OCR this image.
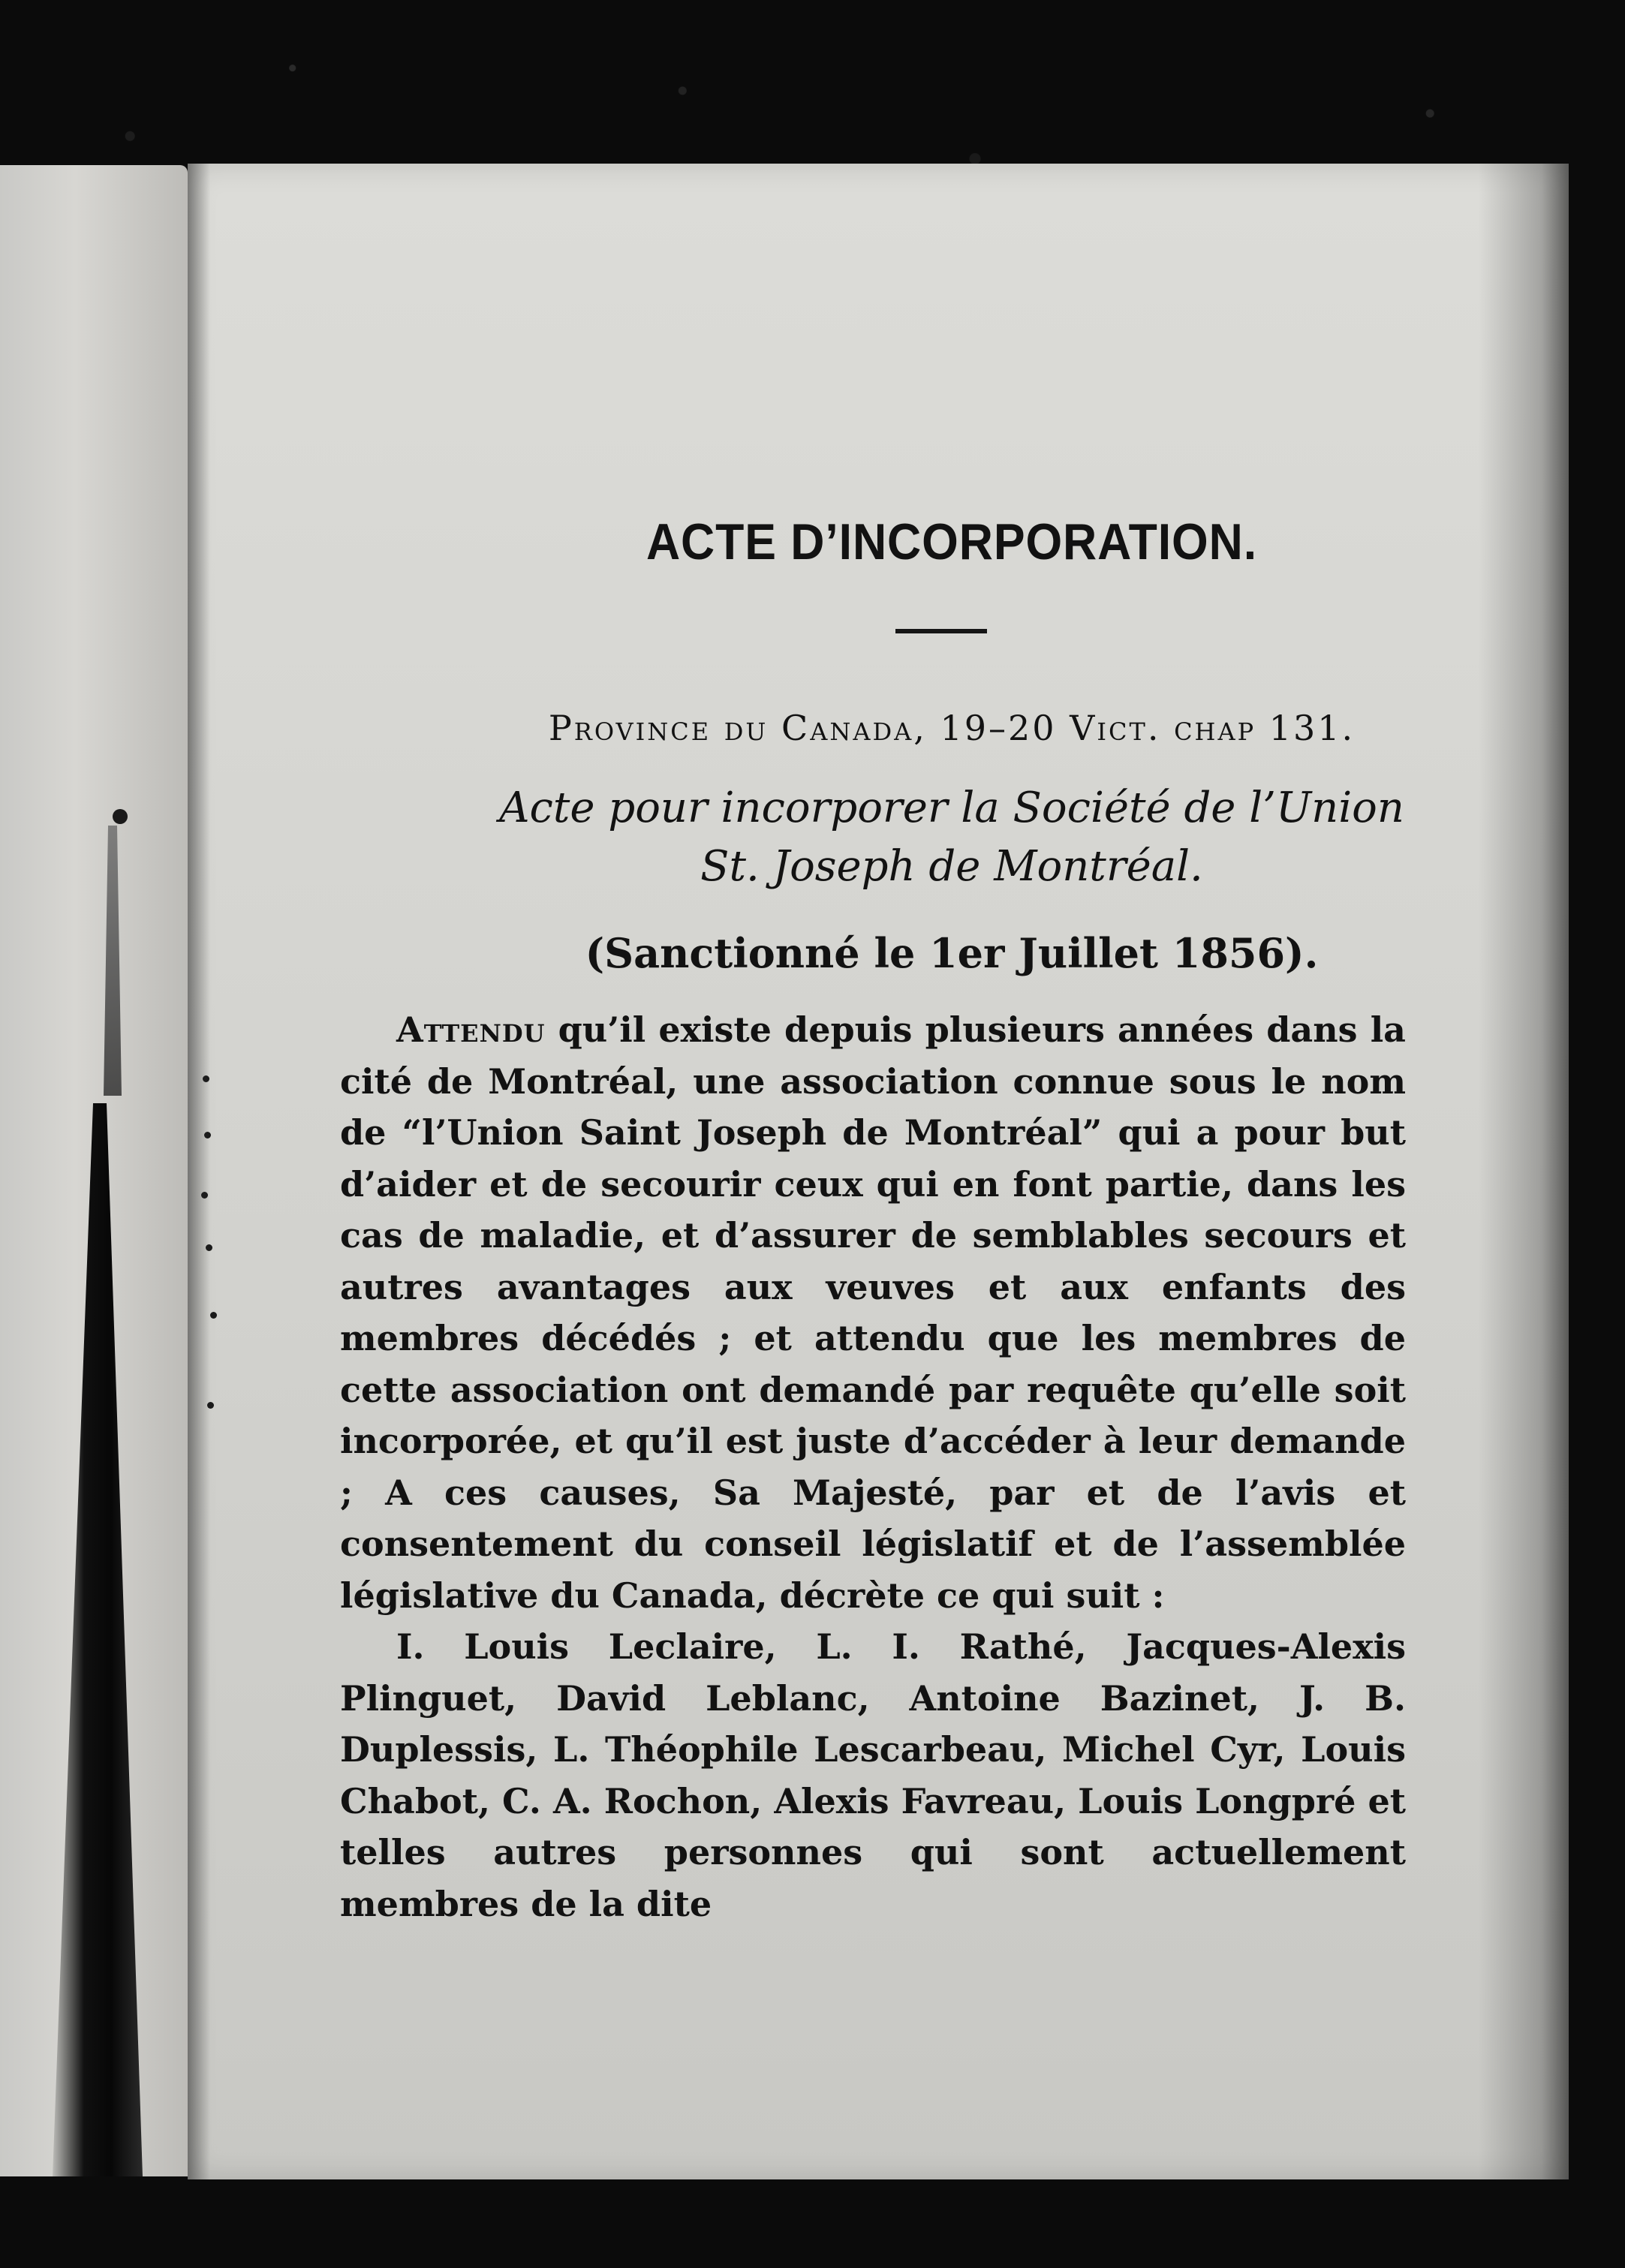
ACTE D’INCORPORATION.
Province du Canada, 19–20 Vict. chap 131.
Acte pour incorporer la Société de l’Union
St. Joseph de Montréal.
(Sanctionné le 1er Juillet 1856).

Attendu qu’il existe depuis plusieurs années dans la cité de Montréal, une association connue sous le nom de “l’Union Saint Joseph de Montréal” qui a pour but d’aider et de secourir ceux qui en font partie, dans les cas de maladie, et d’assurer de semblables secours et autres avantages aux veuves et aux enfants des membres décédés ; et attendu que les membres de cette association ont demandé par requête qu’elle soit incorporée, et qu’il est juste d’accéder à leur demande ; A ces causes, Sa Majesté, par et de l’avis et consentement du conseil législatif et de l’assemblée législative du Canada, décrète ce qui suit :

I. Louis Leclaire, L. I. Rathé, Jacques-Alexis Plinguet, David Leblanc, Antoine Bazinet, J. B. Duplessis, L. Théophile Lescarbeau, Michel Cyr, Louis Chabot, C. A. Rochon, Alexis Favreau, Louis Longpré et telles autres personnes qui sont actuellement membres de la dite
